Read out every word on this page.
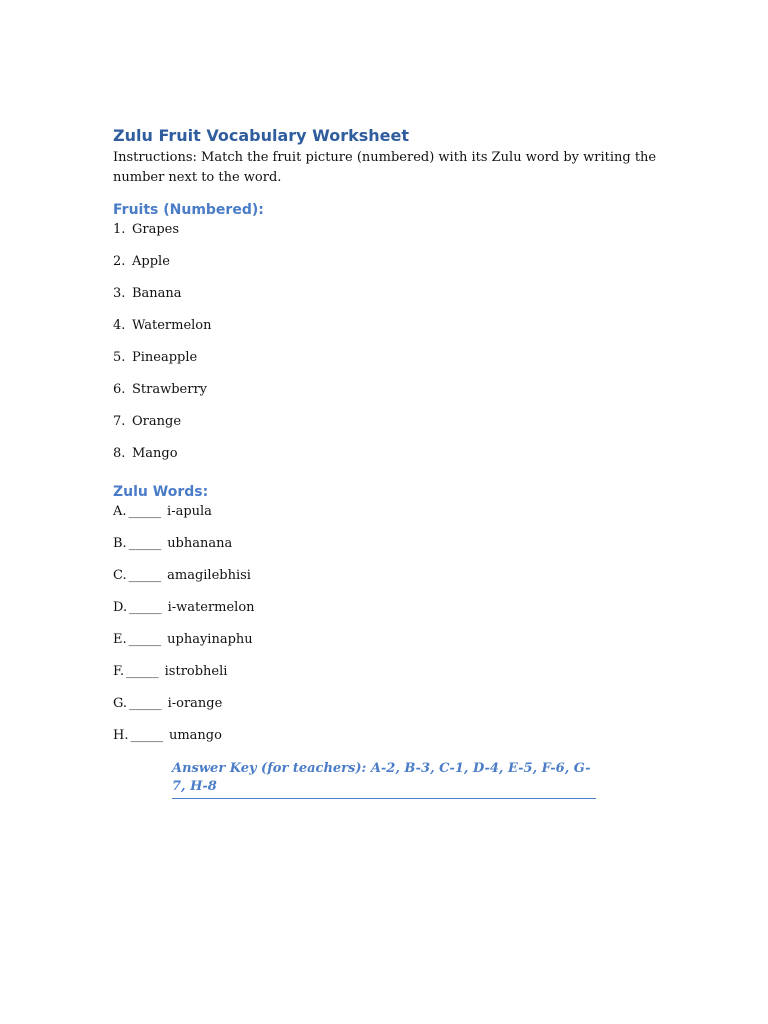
Zulu Fruit Vocabulary Worksheet

Instructions: Match the fruit picture (numbered) with its Zulu word by writing the number next to the word.

Fruits (Numbered):
1. Grapes
2. Apple
3. Banana
4. Watermelon
5. Pineapple
6. Strawberry
7. Orange
8. Mango
Zulu Words:
A. _____ i-apula
B. _____ ubhanana
C. _____ amagilebhisi
D. _____ i-watermelon
E. _____ uphayinaphu
F. _____ istrobheli
G. _____ i-orange
H. _____ umango
Answer Key (for teachers): A-2, B-3, C-1, D-4, E-5, F-6, G-7, H-8
